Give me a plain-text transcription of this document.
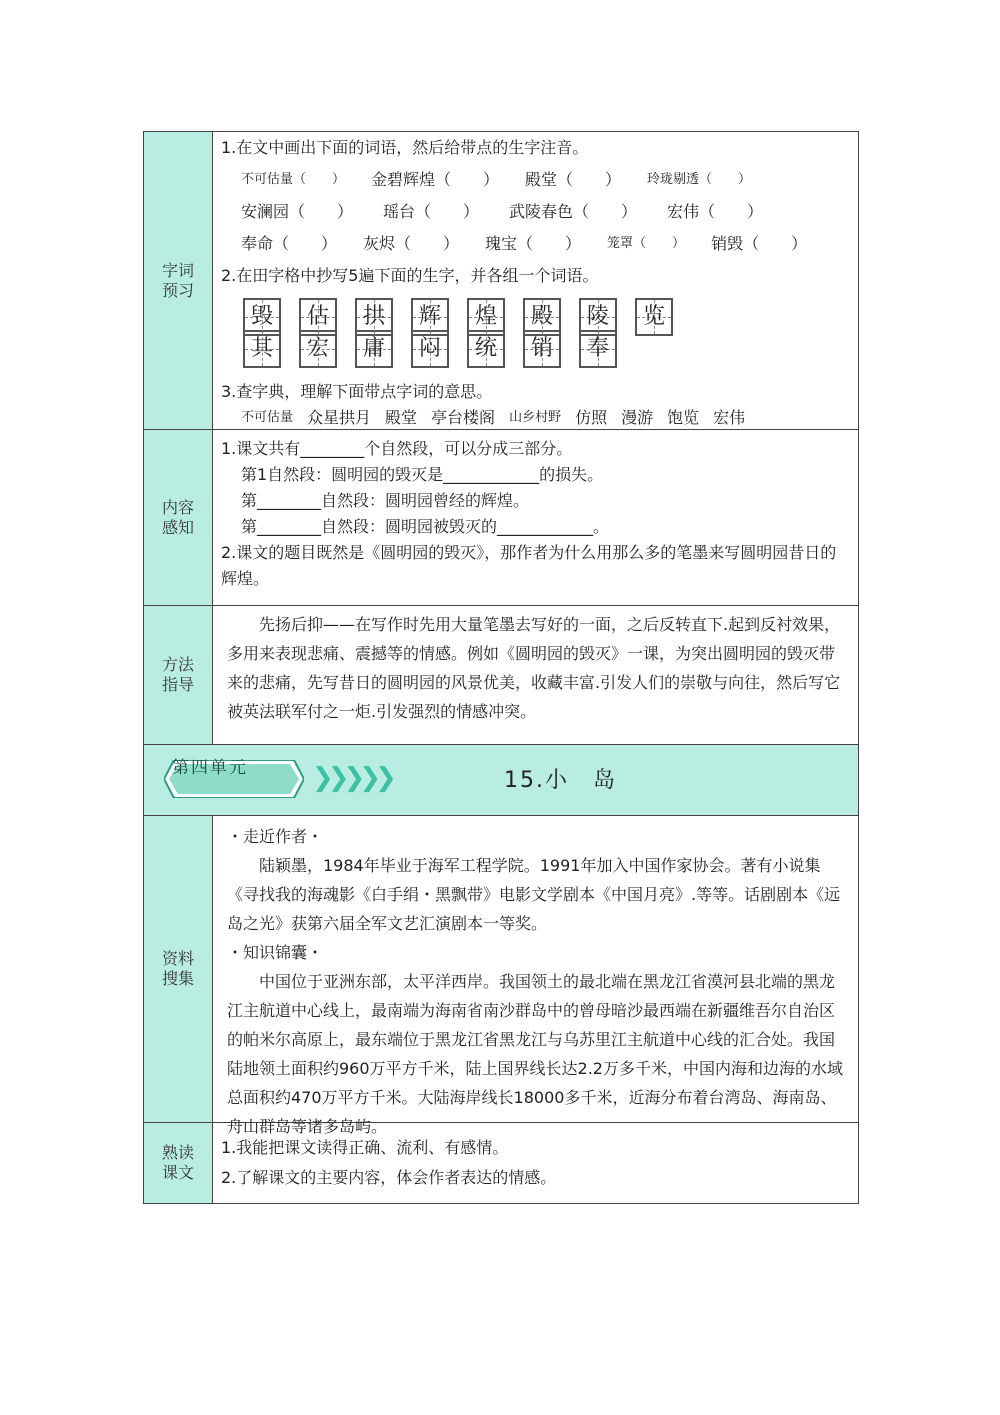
字词预习

1.在文中画出下面的词语，然后给带点的生字注音。

不可估量（　　） 金碧辉煌（　　） 殿堂（　　） 玲珑剔透（　　）
安澜园（　　） 瑶台（　　） 武陵春色（　　） 宏伟（　　）
奉命（　　） 灰烬（　　） 瑰宝（　　） 笼罩（　　） 销毁（　　）

2.在田字格中抄写5遍下面的生字，并各组一个词语。

毁 估 拱 辉 煌 殿 陵 览
其 宏 庸 闷 统 销 奉

3.查字典，理解下面带点字词的意思。

不可估量 众星拱月 殿堂 亭台楼阁 山乡村野 仿照 漫游 饱览 宏伟
内容感知

1.课文共有________个自然段，可以分成三部分。

第1自然段：圆明园的毁灭是____________的损失。

第________自然段：圆明园曾经的辉煌。

第________自然段：圆明园被毁灭的____________。

2.课文的题目既然是《圆明园的毁灭》，那作者为什么用那么多的笔墨来写圆明园昔日的辉煌。

方法指导
先扬后抑——在写作时先用大量笔墨去写好的一面，之后反转直下.起到反衬效果，多用来表现悲痛、震撼等的情感。例如《圆明园的毁灭》一课，为突出圆明园的毁灭带来的悲痛，先写昔日的圆明园的风景优美，收藏丰富.引发人们的崇敬与向往，然后写它被英法联军付之一炬.引发强烈的情感冲突。
第四单元 ❯❯❯❯❯	15.小　岛
资料搜集

・走近作者・

陆颖墨，1984年毕业于海军工程学院。1991年加入中国作家协会。著有小说集《寻找我的海魂影《白手绢・黑飘带》电影文学剧本《中国月亮》.等等。话剧剧本《远岛之光》获第六届全军文艺汇演剧本一等奖。

・知识锦囊・

中国位于亚洲东部，太平洋西岸。我国领土的最北端在黑龙江省漠河县北端的黑龙江主航道中心线上，最南端为海南省南沙群岛中的曾母暗沙最西端在新疆维吾尔自治区的帕米尔高原上，最东端位于黑龙江省黑龙江与乌苏里江主航道中心线的汇合处。我国陆地领土面积约960万平方千米，陆上国界线长达2.2万多千米，中国内海和边海的水域总面积约470万平方千米。大陆海岸线长18000多千米，近海分布着台湾岛、海南岛、舟山群岛等诸多岛屿。

熟读课文

1.我能把课文读得正确、流利、有感情。

2.了解课文的主要内容，体会作者表达的情感。
